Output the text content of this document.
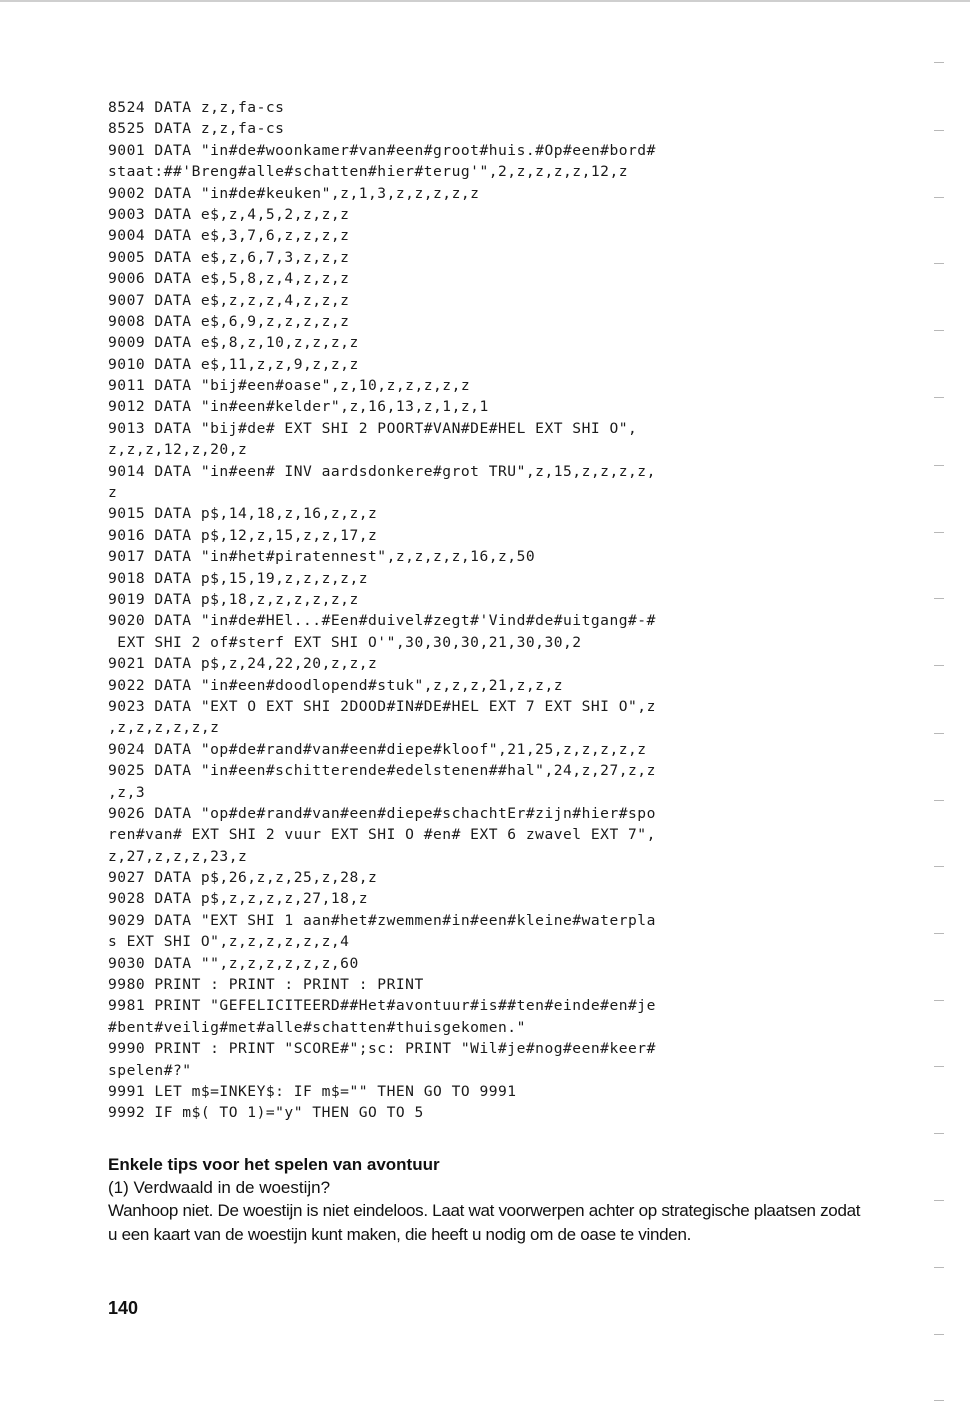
8524 DATA z,z,fa-cs
8525 DATA z,z,fa-cs
9001 DATA "in#de#woonkamer#van#een#groot#huis.#Op#een#bord#
staat:##'Breng#alle#schatten#hier#terug'",2,z,z,z,z,12,z
9002 DATA "in#de#keuken",z,1,3,z,z,z,z,z
9003 DATA e$,z,4,5,2,z,z,z
9004 DATA e$,3,7,6,z,z,z,z
9005 DATA e$,z,6,7,3,z,z,z
9006 DATA e$,5,8,z,4,z,z,z
9007 DATA e$,z,z,z,4,z,z,z
9008 DATA e$,6,9,z,z,z,z,z
9009 DATA e$,8,z,10,z,z,z,z
9010 DATA e$,11,z,z,9,z,z,z
9011 DATA "bij#een#oase",z,10,z,z,z,z,z
9012 DATA "in#een#kelder",z,16,13,z,1,z,1
9013 DATA "bij#de# EXT SHI 2 POORT#VAN#DE#HEL EXT SHI O",
z,z,z,12,z,20,z
9014 DATA "in#een# INV aardsdonkere#grot TRU",z,15,z,z,z,z,
z
9015 DATA p$,14,18,z,16,z,z,z
9016 DATA p$,12,z,15,z,z,17,z
9017 DATA "in#het#piratennest",z,z,z,z,16,z,50
9018 DATA p$,15,19,z,z,z,z,z
9019 DATA p$,18,z,z,z,z,z,z
9020 DATA "in#de#HEl...#Een#duivel#zegt#'Vind#de#uitgang#-#
EXT SHI 2 of#sterf EXT SHI O'",30,30,30,21,30,30,2
9021 DATA p$,z,24,22,20,z,z,z
9022 DATA "in#een#doodlopend#stuk",z,z,z,21,z,z,z
9023 DATA "EXT O EXT SHI 2DOOD#IN#DE#HEL EXT 7 EXT SHI O",z
,z,z,z,z,z,z
9024 DATA "op#de#rand#van#een#diepe#kloof",21,25,z,z,z,z,z
9025 DATA "in#een#schitterende#edelstenen##hal",24,z,27,z,z
,z,3
9026 DATA "op#de#rand#van#een#diepe#schachtEr#zijn#hier#spo
ren#van# EXT SHI 2 vuur EXT SHI O #en# EXT 6 zwavel EXT 7",
z,27,z,z,z,23,z
9027 DATA p$,26,z,z,25,z,28,z
9028 DATA p$,z,z,z,z,27,18,z
9029 DATA "EXT SHI 1 aan#het#zwemmen#in#een#kleine#waterpla
s EXT SHI O",z,z,z,z,z,z,4
9030 DATA "",z,z,z,z,z,z,60
9980 PRINT : PRINT : PRINT : PRINT
9981 PRINT "GEFELICITEERD##Het#avontuur#is##ten#einde#en#je
#bent#veilig#met#alle#schatten#thuisgekomen."
9990 PRINT : PRINT "SCORE#";sc: PRINT "Wil#je#nog#een#keer#
spelen#?"
9991 LET m$=INKEY$: IF m$="" THEN GO TO 9991
9992 IF m$( TO 1)="y" THEN GO TO 5
Enkele tips voor het spelen van avontuur
(1) Verdwaald in de woestijn?
Wanhoop niet. De woestijn is niet eindeloos. Laat wat voorwerpen achter op strategische plaatsen zodat u een kaart van de woestijn kunt maken, die heeft u nodig om de oase te vinden.
140
